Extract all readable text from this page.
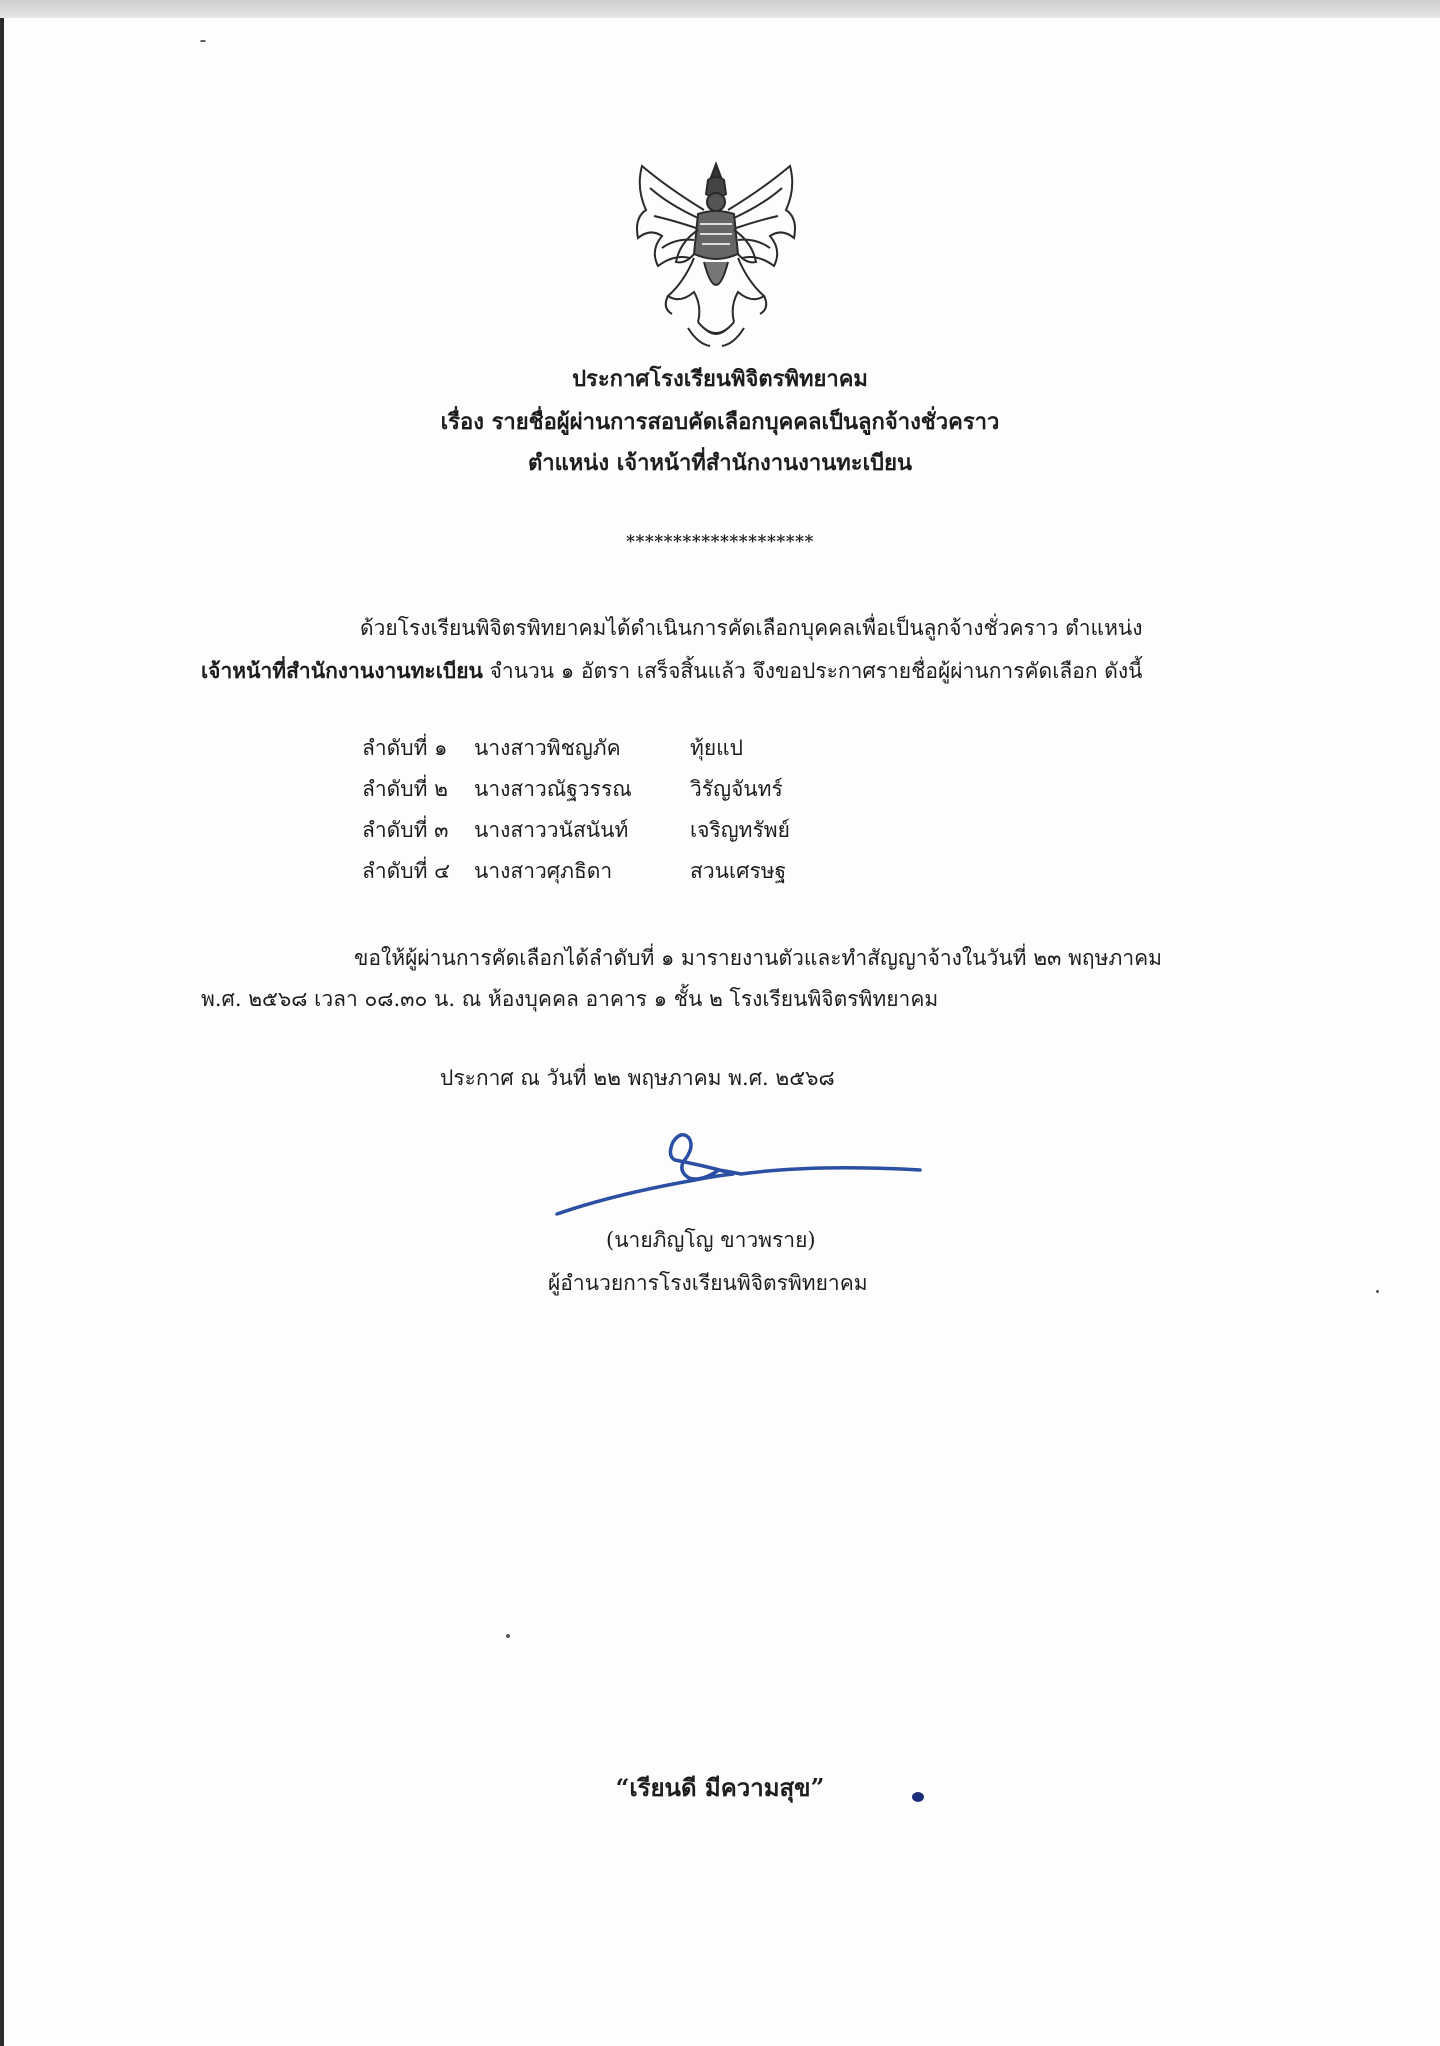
ประกาศโรงเรียนพิจิตรพิทยาคม
เรื่อง รายชื่อผู้ผ่านการสอบคัดเลือกบุคคลเป็นลูกจ้างชั่วคราว
ตำแหน่ง เจ้าหน้าที่สำนักงานงานทะเบียน
********************
ด้วยโรงเรียนพิจิตรพิทยาคมได้ดำเนินการคัดเลือกบุคคลเพื่อเป็นลูกจ้างชั่วคราว ตำแหน่ง
เจ้าหน้าที่สำนักงานงานทะเบียน จำนวน ๑ อัตรา เสร็จสิ้นแล้ว จึงขอประกาศรายชื่อผู้ผ่านการคัดเลือก ดังนี้
ลำดับที่ ๑ นางสาวพิชญภัค	ทุ้ยแป
ลำดับที่ ๒ นางสาวณัฐวรรณ	วิรัญจันทร์
ลำดับที่ ๓ นางสาววนัสนันท์	เจริญทรัพย์
ลำดับที่ ๔ นางสาวศุภธิดา	สวนเศรษฐ
ขอให้ผู้ผ่านการคัดเลือกได้ลำดับที่ ๑ มารายงานตัวและทำสัญญาจ้างในวันที่ ๒๓ พฤษภาคม
พ.ศ. ๒๕๖๘ เวลา ๐๘.๓๐ น. ณ ห้องบุคคล อาคาร ๑ ชั้น ๒ โรงเรียนพิจิตรพิทยาคม
ประกาศ ณ วันที่ ๒๒ พฤษภาคม พ.ศ. ๒๕๖๘
(นายภิญโญ ขาวพราย)
ผู้อำนวยการโรงเรียนพิจิตรพิทยาคม
“เรียนดี มีความสุข”
